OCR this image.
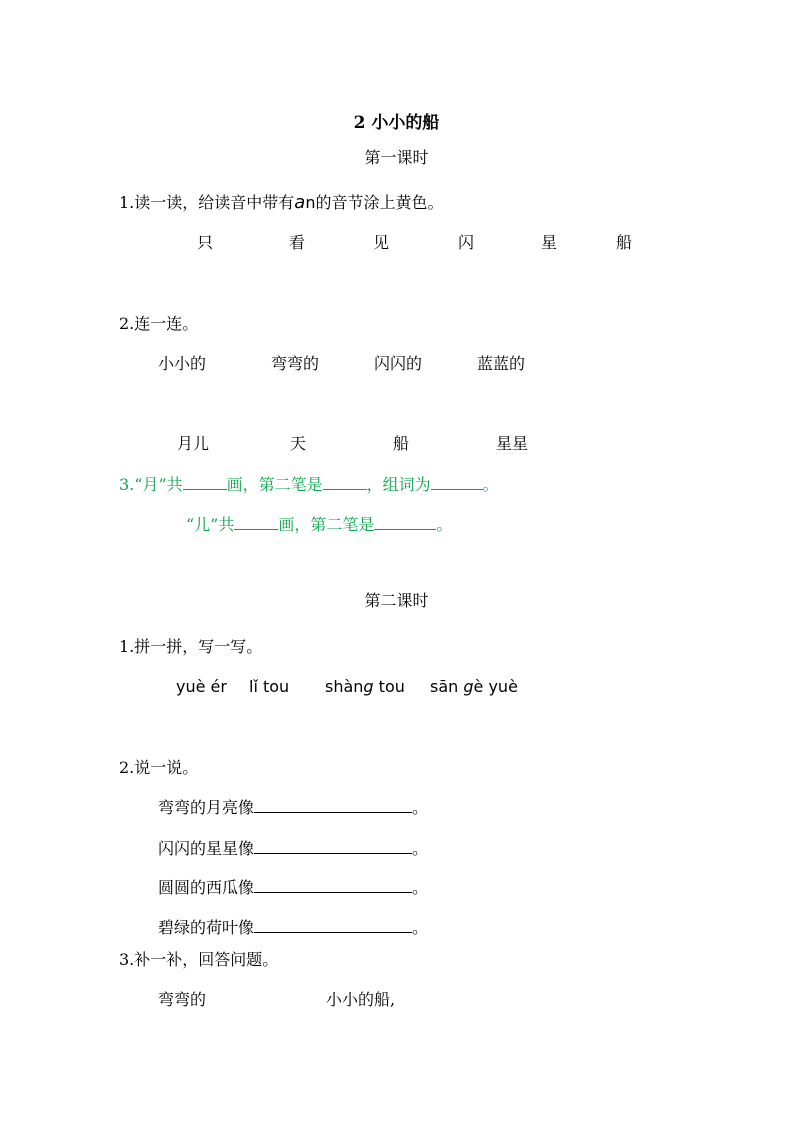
2 小小的船
第一课时
1.读一读，给读音中带有an的音节涂上黄色。
只	看	见	闪	星	船
2.连一连。
小小的	弯弯的	闪闪的	蓝蓝的
月儿	天	船	星星
3.“月”共	画，第二笔是	，组词为	。
“儿”共	画，第二笔是	。
第二课时
1.拼一拼，写一写。
yuè ér lǐ tou shàng tou sān gè yuè
2.说一说。
弯弯的月亮像	。
闪闪的星星像	。
圆圆的西瓜像	。
碧绿的荷叶像	。
3.补一补，回答问题。
弯弯的	小小的船,
